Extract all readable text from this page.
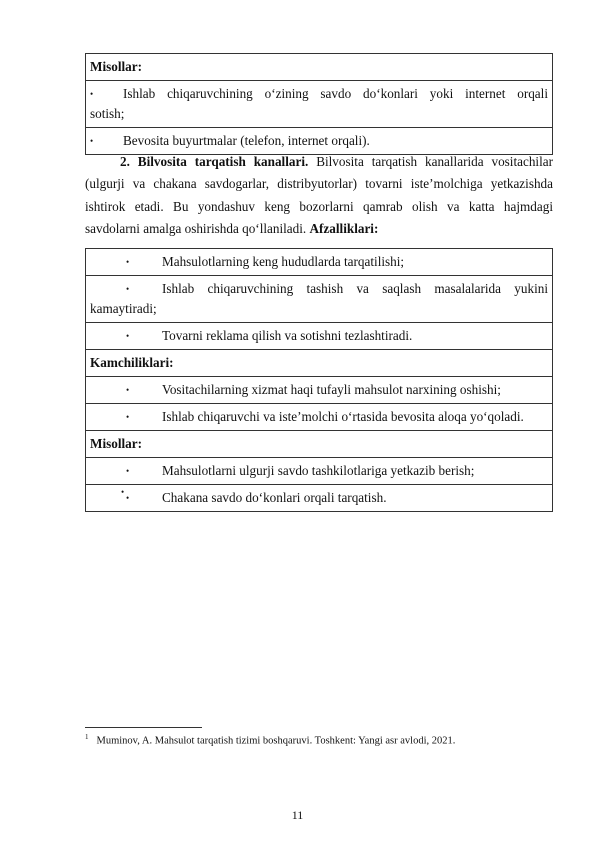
Misollar:

•	Ishlab chiqaruvchining o‘zining savdo do‘konlari yoki internet orqali
sotish;

•	Bevosita buyurtmalar (telefon, internet orqali).
2. Bilvosita tarqatish kanallari. Bilvosita tarqatish kanallarida vositachilar
(ulgurji va chakana savdogarlar, distribyutorlar) tovarni iste’molchiga yetkazishda
ishtirok etadi. Bu yondashuv keng bozorlarni qamrab olish va katta hajmdagi
savdolarni amalga oshirishda qo‘llaniladi. Afzalliklari:
•	Mahsulotlarning keng hududlarda tarqatilishi;

•	Ishlab chiqaruvchining tashish va saqlash masalalarida yukini
kamaytiradi;

•	Tovarni reklama qilish va sotishni tezlashtiradi.

Kamchiliklari:

•	Vositachilarning xizmat haqi tufayli mahsulot narxining oshishi;

•	Ishlab chiqaruvchi va iste’molchi o‘rtasida bevosita aloqa yo‘qoladi.

Misollar:

•	Mahsulotlarni ulgurji savdo tashkilotlariga yetkazib berish;

•	Chakana savdo do‘konlari orqali tarqatish.
•
$^1$ Muminov, A. Mahsulot tarqatish tizimi boshqaruvi. Toshkent: Yangi asr avlodi, 2021.
11
